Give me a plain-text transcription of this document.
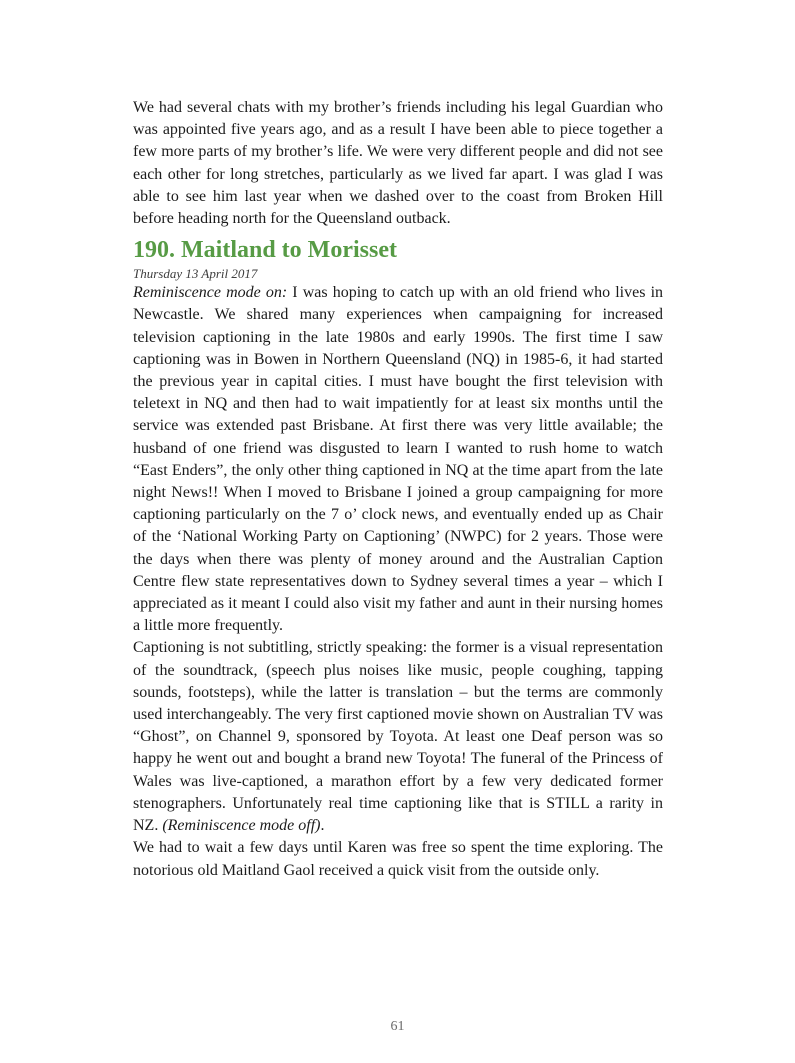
We had several chats with my brother’s friends including his legal Guardian who was appointed five years ago, and as a result I have been able to piece together a few more parts of my brother’s life. We were very different people and did not see each other for long stretches, particularly as we lived far apart. I was glad I was able to see him last year when we dashed over to the coast from Broken Hill before heading north for the Queensland outback.

190. Maitland to Morisset

Thursday 13 April 2017

Reminiscence mode on: I was hoping to catch up with an old friend who lives in Newcastle. We shared many experiences when campaigning for increased television captioning in the late 1980s and early 1990s. The first time I saw captioning was in Bowen in Northern Queensland (NQ) in 1985-6, it had started the previous year in capital cities. I must have bought the first television with teletext in NQ and then had to wait impatiently for at least six months until the service was extended past Brisbane. At first there was very little available; the husband of one friend was disgusted to learn I wanted to rush home to watch “East Enders”, the only other thing captioned in NQ at the time apart from the late night News!! When I moved to Brisbane I joined a group campaigning for more captioning particularly on the 7 o’ clock news, and eventually ended up as Chair of the ‘National Working Party on Captioning’ (NWPC) for 2 years. Those were the days when there was plenty of money around and the Australian Caption Centre flew state representatives down to Sydney several times a year – which I appreciated as it meant I could also visit my father and aunt in their nursing homes a little more frequently.

Captioning is not subtitling, strictly speaking: the former is a visual representation of the soundtrack, (speech plus noises like music, people coughing, tapping sounds, footsteps), while the latter is translation – but the terms are commonly used interchangeably. The very first captioned movie shown on Australian TV was “Ghost”, on Channel 9, sponsored by Toyota. At least one Deaf person was so happy he went out and bought a brand new Toyota! The funeral of the Princess of Wales was live-captioned, a marathon effort by a few very dedicated former stenographers. Unfortunately real time captioning like that is STILL a rarity in NZ. (Reminiscence mode off).

We had to wait a few days until Karen was free so spent the time exploring. The notorious old Maitland Gaol received a quick visit from the outside only.

61
